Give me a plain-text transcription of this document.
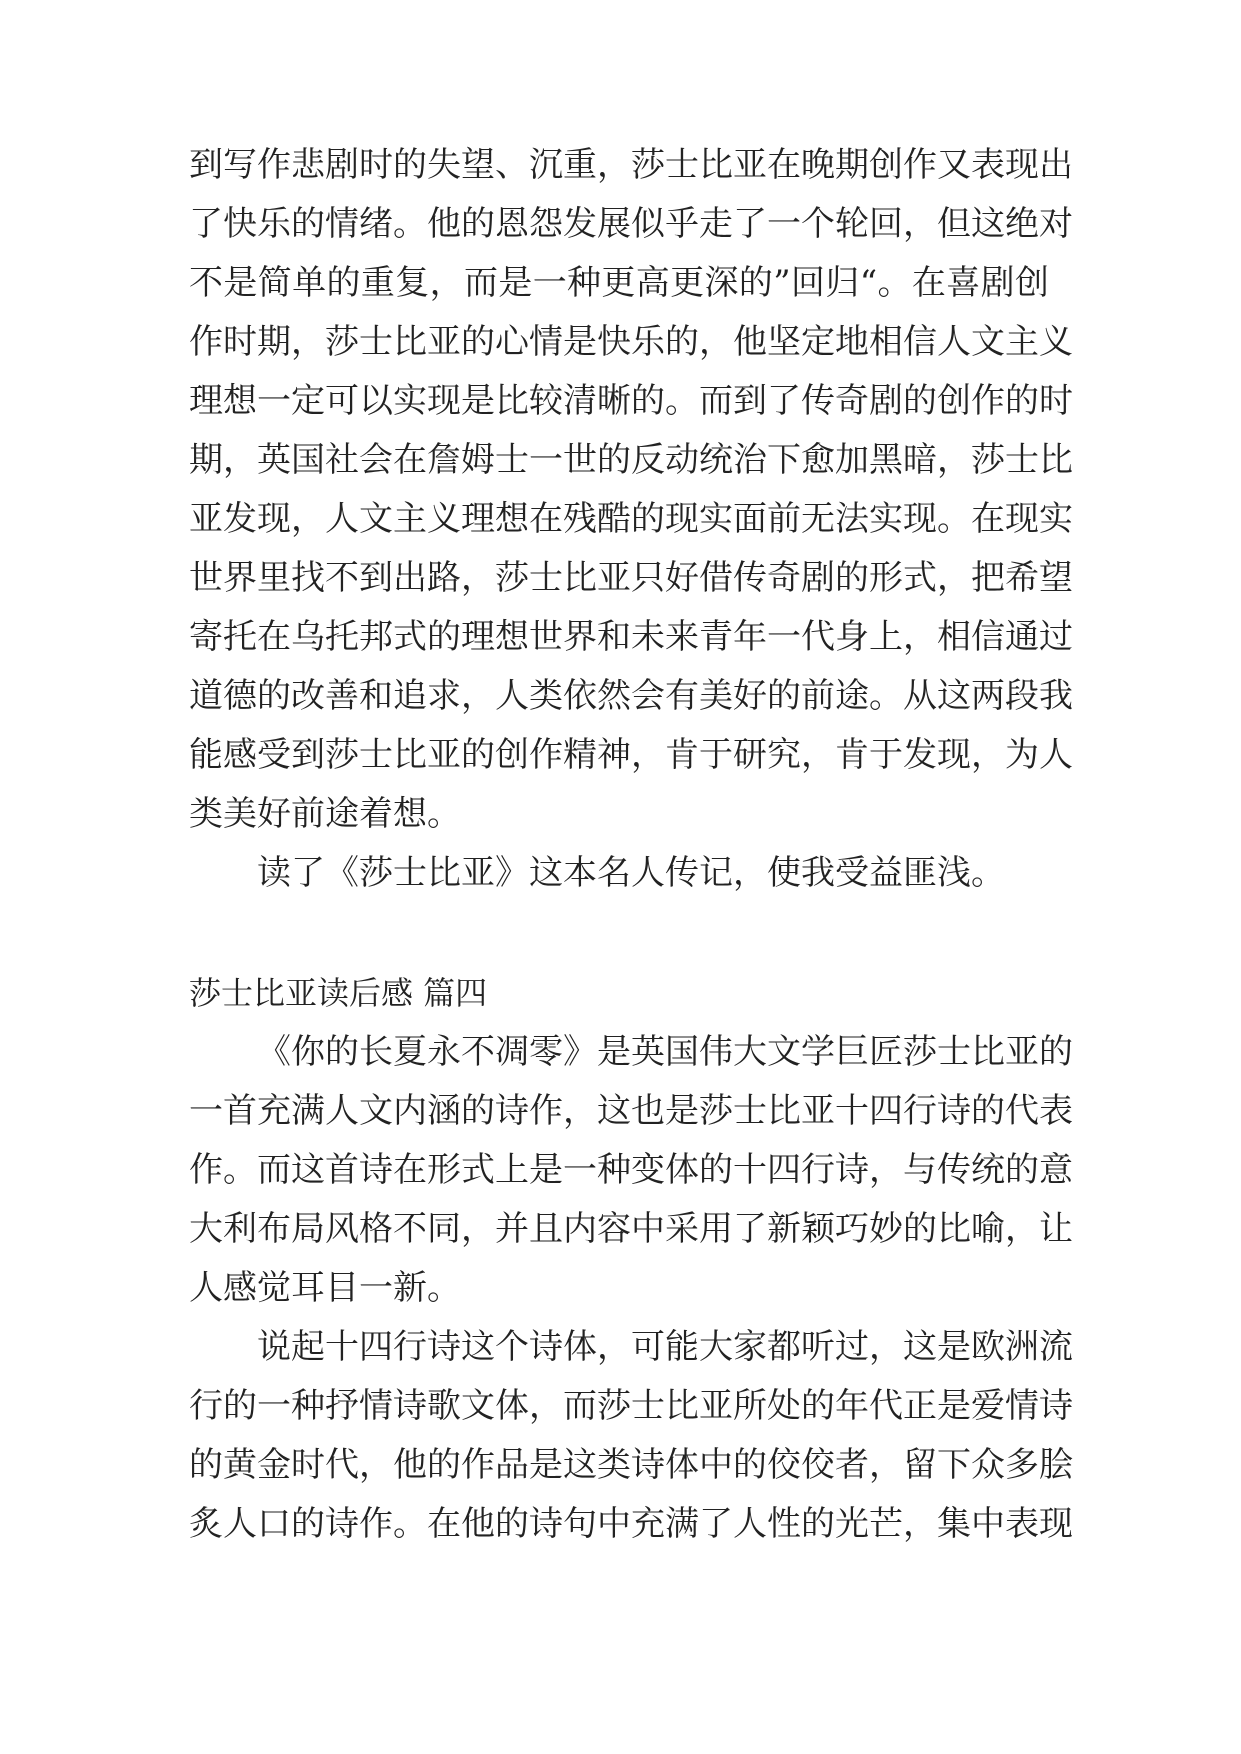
到写作悲剧时的失望、沉重，莎士比亚在晚期创作又表现出
了快乐的情绪。他的恩怨发展似乎走了一个轮回，但这绝对
不是简单的重复，而是一种更高更深的”回归“。在喜剧创
作时期，莎士比亚的心情是快乐的，他坚定地相信人文主义
理想一定可以实现是比较清晰的。而到了传奇剧的创作的时
期，英国社会在詹姆士一世的反动统治下愈加黑暗，莎士比
亚发现，人文主义理想在残酷的现实面前无法实现。在现实
世界里找不到出路，莎士比亚只好借传奇剧的形式，把希望
寄托在乌托邦式的理想世界和未来青年一代身上，相信通过
道德的改善和追求，人类依然会有美好的前途。从这两段我
能感受到莎士比亚的创作精神，肯于研究，肯于发现，为人
类美好前途着想。
读了《莎士比亚》这本名人传记，使我受益匪浅。
莎士比亚读后感 篇四
《你的长夏永不凋零》是英国伟大文学巨匠莎士比亚的
一首充满人文内涵的诗作，这也是莎士比亚十四行诗的代表
作。而这首诗在形式上是一种变体的十四行诗，与传统的意
大利布局风格不同，并且内容中采用了新颖巧妙的比喻，让
人感觉耳目一新。
说起十四行诗这个诗体，可能大家都听过，这是欧洲流
行的一种抒情诗歌文体，而莎士比亚所处的年代正是爱情诗
的黄金时代，他的作品是这类诗体中的佼佼者，留下众多脍
炙人口的诗作。在他的诗句中充满了人性的光芒，集中表现
